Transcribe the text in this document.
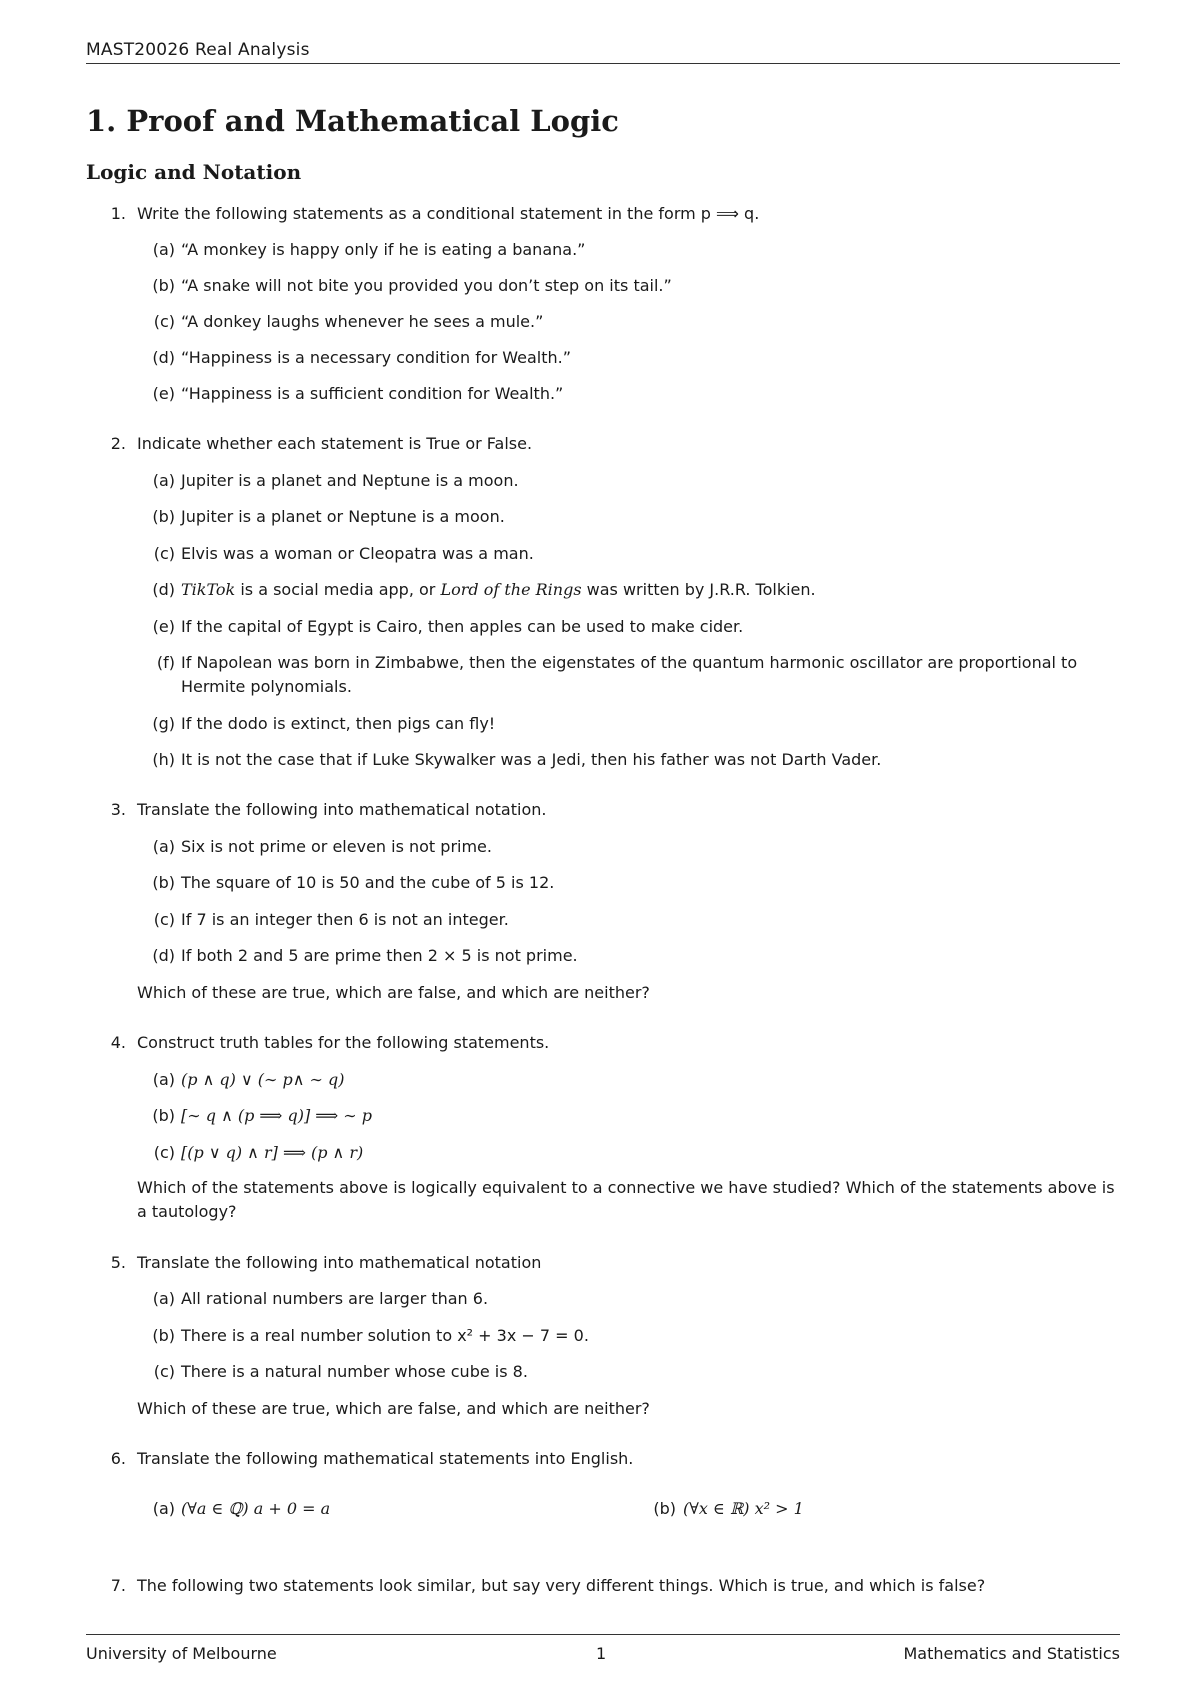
MAST20026 Real Analysis
1. Proof and Mathematical Logic
Logic and Notation
1. Write the following statements as a conditional statement in the form p ⟹ q.
(a) “A monkey is happy only if he is eating a banana.”
(b) “A snake will not bite you provided you don’t step on its tail.”
(c) “A donkey laughs whenever he sees a mule.”
(d) “Happiness is a necessary condition for Wealth.”
(e) “Happiness is a sufficient condition for Wealth.”
2. Indicate whether each statement is True or False.
(a) Jupiter is a planet and Neptune is a moon.
(b) Jupiter is a planet or Neptune is a moon.
(c) Elvis was a woman or Cleopatra was a man.
(d) TikTok is a social media app, or Lord of the Rings was written by J.R.R. Tolkien.
(e) If the capital of Egypt is Cairo, then apples can be used to make cider.
(f) If Napolean was born in Zimbabwe, then the eigenstates of the quantum harmonic oscillator are proportional to Hermite polynomials.
(g) If the dodo is extinct, then pigs can fly!
(h) It is not the case that if Luke Skywalker was a Jedi, then his father was not Darth Vader.
3. Translate the following into mathematical notation.
(a) Six is not prime or eleven is not prime.
(b) The square of 10 is 50 and the cube of 5 is 12.
(c) If 7 is an integer then 6 is not an integer.
(d) If both 2 and 5 are prime then 2 × 5 is not prime.
Which of these are true, which are false, and which are neither?
4. Construct truth tables for the following statements.
(a) (p ∧ q) ∨ (∼ p∧ ∼ q)
(b) [∼ q ∧ (p ⟹ q)] ⟹ ∼ p
(c) [(p ∨ q) ∧ r] ⟹ (p ∧ r)
Which of the statements above is logically equivalent to a connective we have studied? Which of the statements above is a tautology?
5. Translate the following into mathematical notation
(a) All rational numbers are larger than 6.
(b) There is a real number solution to x² + 3x − 7 = 0.
(c) There is a natural number whose cube is 8.
Which of these are true, which are false, and which are neither?
6. Translate the following mathematical statements into English.
(a) (∀a ∈ ℚ) a + 0 = a	(b) (∀x ∈ ℝ) x² > 1
7. The following two statements look similar, but say very different things. Which is true, and which is false?
University of Melbourne	1	Mathematics and Statistics
